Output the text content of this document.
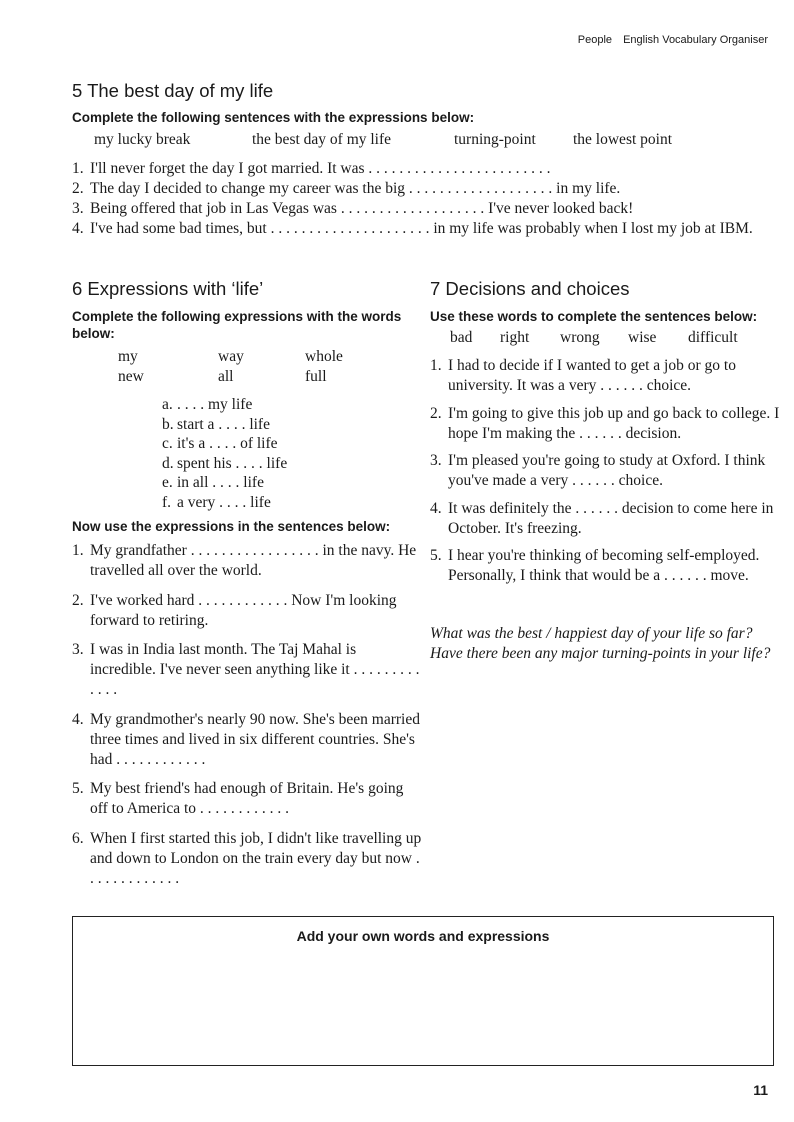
People English Vocabulary Organiser
5 The best day of my life
Complete the following sentences with the expressions below:
my lucky break	the best day of my life	turning-point the lowest point
1. I'll never forget the day I got married. It was . . . . . . . . . . . . . . . . . . . . . . . .
2. The day I decided to change my career was the big . . . . . . . . . . . . . . . . . . . in my life.
3. Being offered that job in Las Vegas was . . . . . . . . . . . . . . . . . . . I've never looked back!
4. I've had some bad times, but . . . . . . . . . . . . . . . . . . . . . in my life was probably when I lost my job at IBM.
6 Expressions with ‘life’
Complete the following expressions with the words below:
my	way	whole
new	all	full
a. . . . . my life
b. start a . . . . life
c. it's a . . . . of life
d. spent his . . . . life
e. in all . . . . life
f. a very . . . . life
Now use the expressions in the sentences below:
1. My grandfather . . . . . . . . . . . . . . . . . in the navy. He travelled all over the world.
2. I've worked hard . . . . . . . . . . . . Now I'm looking forward to retiring.
3. I was in India last month. The Taj Mahal is incredible. I've never seen anything like it . . . . . . . . . . . . .
4. My grandmother's nearly 90 now. She's been married three times and lived in six different countries. She's had . . . . . . . . . . . .
5. My best friend's had enough of Britain. He's going off to America to . . . . . . . . . . . .
6. When I first started this job, I didn't like travelling up and down to London on the train every day but now . . . . . . . . . . . . .
7 Decisions and choices
Use these words to complete the sentences below:
bad right wrong wise difficult
1. I had to decide if I wanted to get a job or go to university. It was a very . . . . . . choice.
2. I'm going to give this job up and go back to college. I hope I'm making the . . . . . . decision.
3. I'm pleased you're going to study at Oxford. I think you've made a very . . . . . . choice.
4. It was definitely the . . . . . . decision to come here in October. It's freezing.
5. I hear you're thinking of becoming self-employed. Personally, I think that would be a . . . . . . move.
What was the best / happiest day of your life so far? Have there been any major turning-points in your life?
Add your own words and expressions
11
